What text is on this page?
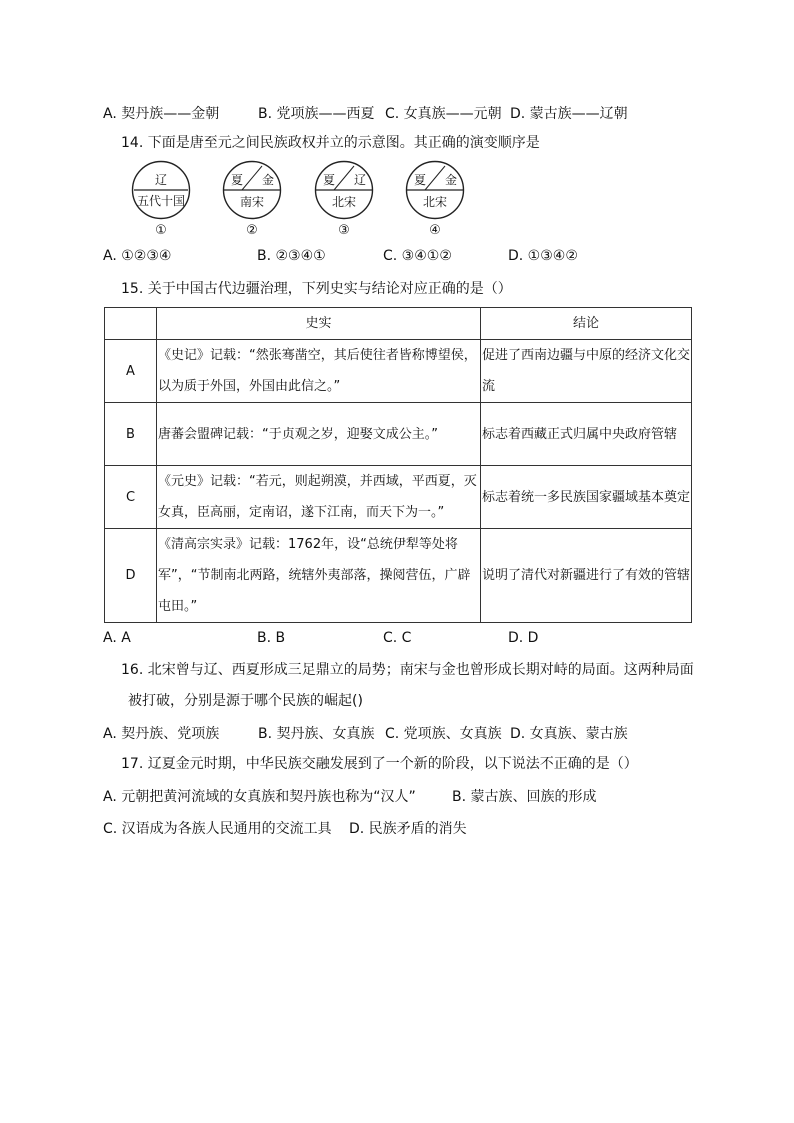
A. 契丹族——金朝	B. 党项族——西夏 C. 女真族——元朝 D. 蒙古族——辽朝
14. 下面是唐至元之间民族政权并立的示意图。其正确的演变顺序是
辽
五代十国
①
夏 金
南宋
②
夏 辽
北宋
③
夏 金
北宋
④
A. ①②③④	B. ②③④①	C. ③④①②	D. ①③④②
15. 关于中国古代边疆治理，下列史实与结论对应正确的是（）
	史实	结论
A	《史记》记载：“然张骞凿空，其后使往者皆称博望侯，以为质于外国，外国由此信之。”	促进了西南边疆与中原的经济文化交流
B	唐蕃会盟碑记载：“于贞观之岁，迎娶文成公主。”	标志着西藏正式归属中央政府管辖
C	《元史》记载：“若元，则起朔漠，并西域，平西夏，灭女真，臣高丽，定南诏，遂下江南，而天下为一。”	标志着统一多民族国家疆域基本奠定
D	《清高宗实录》记载：1762年，设“总统伊犁等处将军”，“节制南北两路，统辖外夷部落，操阅营伍，广辟屯田。”	说明了清代对新疆进行了有效的管辖
A. A	B. B	C. C	D. D
16. 北宋曾与辽、西夏形成三足鼎立的局势；南宋与金也曾形成长期对峙的局面。这两种局面
被打破，分别是源于哪个民族的崛起()
A. 契丹族、党项族	B. 契丹族、女真族 C. 党项族、女真族 D. 女真族、蒙古族
17. 辽夏金元时期，中华民族交融发展到了一个新的阶段，以下说法不正确的是（）
A. 元朝把黄河流域的女真族和契丹族也称为“汉人”	B. 蒙古族、回族的形成
C. 汉语成为各族人民通用的交流工具 D. 民族矛盾的消失
